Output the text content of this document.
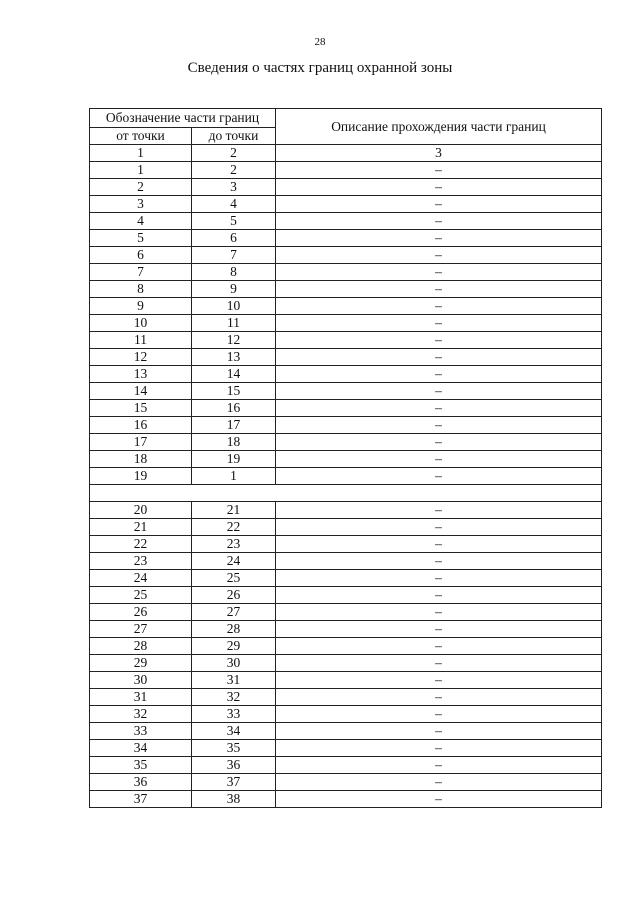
28
Сведения о частях границ охранной зоны
Обозначение части границ		Описание прохождения части границ
от точки	до точки	
1	2	3
1	2	–
2	3	–
3	4	–
4	5	–
5	6	–
6	7	–
7	8	–
8	9	–
9	10	–
10	11	–
11	12	–
12	13	–
13	14	–
14	15	–
15	16	–
16	17	–
17	18	–
18	19	–
19	1	–

20	21	–
21	22	–
22	23	–
23	24	–
24	25	–
25	26	–
26	27	–
27	28	–
28	29	–
29	30	–
30	31	–
31	32	–
32	33	–
33	34	–
34	35	–
35	36	–
36	37	–
37	38	–
